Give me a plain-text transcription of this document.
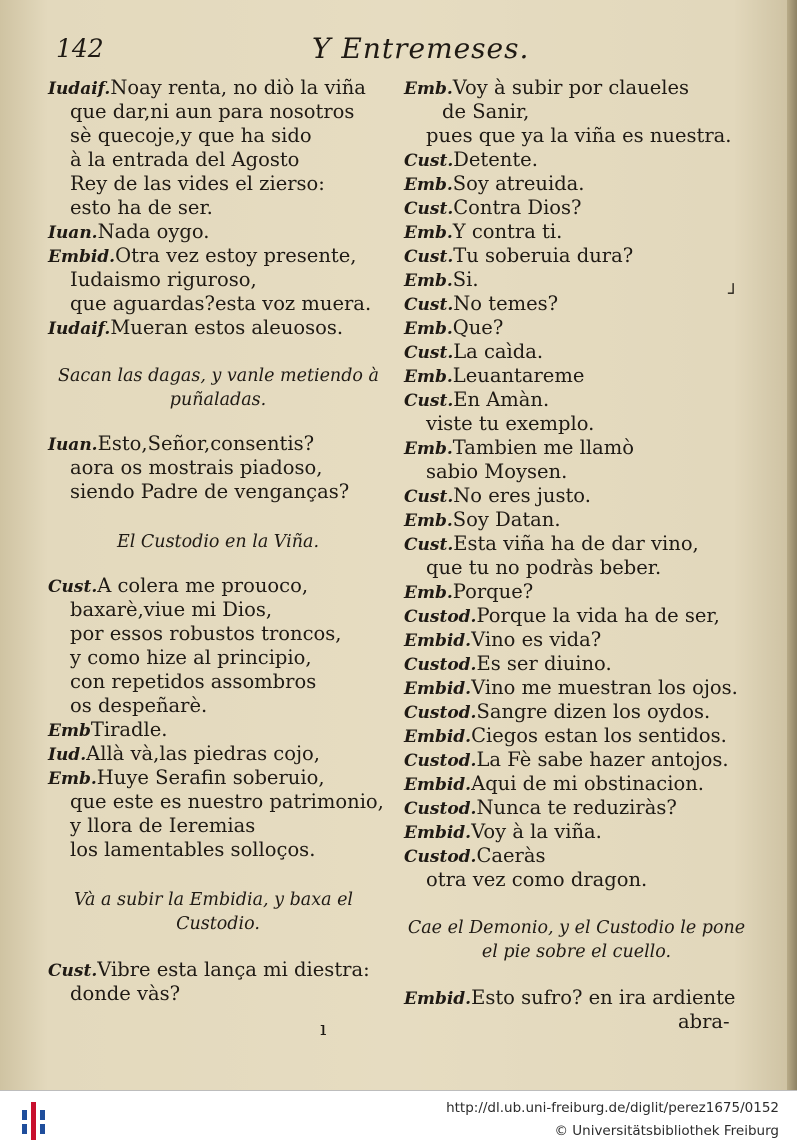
142	Y Entremeses.
Iudaif.Noay renta, no diò la viña
que dar,ni aun para nosotros
sè quecoje,y que ha sido
à la entrada del Agosto
Rey de las vides el zierso:
esto ha de ser.
Iuan.Nada oygo.
Embid.Otra vez estoy presente,
Iudaismo riguroso,
que aguardas?esta voz muera.
Iudaif.Mueran estos aleuosos.
Sacan las dagas, y vanle metiendo à
puñaladas.
Iuan.Esto,Señor,consentis?
aora os mostrais piadoso,
siendo Padre de vengan​ças?
El Custodio en la Viña.
Cust.A colera me prouoco,
baxarè,viue mi Dios,
por essos robustos troncos,
y como hize al principio,
con repetidos assombros
os despeñarè.
EmbTiradle.
Iud.Allà và,las piedras cojo,
Emb.Huye Serafin soberuio,
que este es nuestro patrimonio,
y llora de Ieremias
los lamentables solloços.
Và a subir la Embidia, y baxa el
Custodio.
Cust.Vibre esta lança mi diestra:
donde vàs?
Emb.Voy à subir por claueles
de Sanir,
pues que ya la viña es nuestra.
Cust.Detente.
Emb.Soy atreuida.
Cust.Contra Dios?
Emb.Y contra ti.
Cust.Tu soberuia dura?
Emb.Si.
Cust.No temes?
Emb.Que?
Cust.La caìda.
Emb.Leuantareme
Cust.En Amàn.
viste tu exemplo.
Emb.Tambien me llamò
sabio Moysen.
Cust.No eres justo.
Emb.Soy Datan.
Cust.Esta viña ha de dar vino,
que tu no podràs beber.
Emb.Porque?
Custod.Porque la vida ha de ser,
Embid.Vino es vida?
Custod.Es ser diuino.
Embid.Vino me muestran los ojos.
Custod.Sangre dizen los oydos.
Embid.Ciegos estan los sentidos.
Custod.La Fè sabe hazer antojos.
Embid.Aqui de mi obstinacion.
Custod.Nunca te reduziràs?
Embid.Voy à la viña.
Custod.Caeràs
otra vez como dragon.
Cae el Demonio, y el Custodio le pone
el pie sobre el cuello.
Embid.Esto sufro? en ira ardiente
abra-
┘
ı
http://dl.ub.uni-freiburg.de/diglit/perez1675/0152
© Universitätsbibliothek Freiburg
